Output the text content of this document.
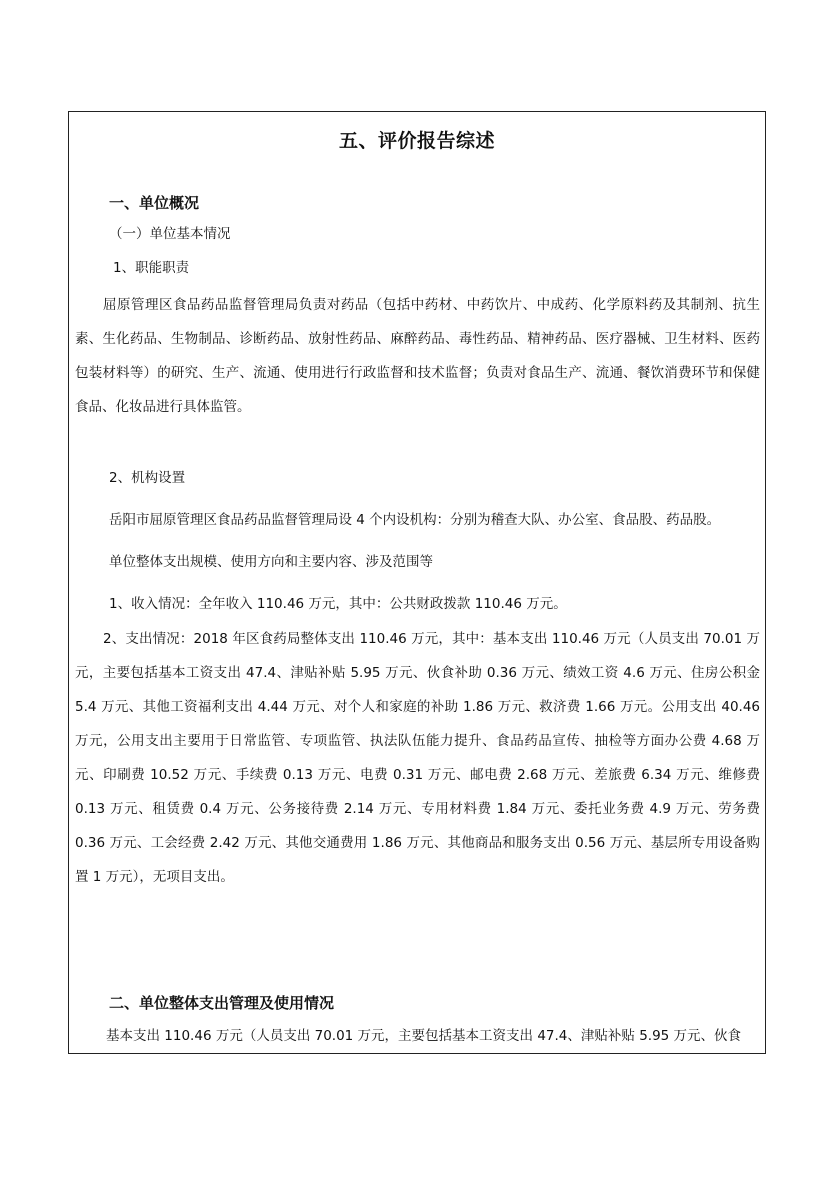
五、评价报告综述
一、单位概况
（一）单位基本情况
1、职能职责

屈原管理区食品药品监督管理局负责对药品（包括中药材、中药饮片、中成药、化学原料药及其制剂、抗生素、生化药品、生物制品、诊断药品、放射性药品、麻醉药品、毒性药品、精神药品、医疗器械、卫生材料、医药包装材料等）的研究、生产、流通、使用进行行政监督和技术监督；负责对食品生产、流通、餐饮消费环节和保健食品、化妆品进行具体监管。

2、机构设置
岳阳市屈原管理区食品药品监督管理局设 4 个内设机构：分别为稽查大队、办公室、食品股、药品股。
单位整体支出规模、使用方向和主要内容、涉及范围等
1、收入情况：全年收入 110.46 万元，其中：公共财政拨款 110.46 万元。

2、支出情况：2018 年区食药局整体支出 110.46 万元，其中：基本支出 110.46 万元（人员支出 70.01 万元，主要包括基本工资支出 47.4、津贴补贴 5.95 万元、伙食补助 0.36 万元、绩效工资 4.6 万元、住房公积金 5.4 万元、其他工资福利支出 4.44 万元、对个人和家庭的补助 1.86 万元、救济费 1.66 万元。公用支出 40.46 万元，公用支出主要用于日常监管、专项监管、执法队伍能力提升、食品药品宣传、抽检等方面办公费 4.68 万元、印刷费 10.52 万元、手续费 0.13 万元、电费 0.31 万元、邮电费 2.68 万元、差旅费 6.34 万元、维修费 0.13 万元、租赁费 0.4 万元、公务接待费 2.14 万元、专用材料费 1.84 万元、委托业务费 4.9 万元、劳务费 0.36 万元、工会经费 2.42 万元、其他交通费用 1.86 万元、其他商品和服务支出 0.56 万元、基层所专用设备购置 1 万元），无项目支出。

二、单位整体支出管理及使用情况
基本支出 110.46 万元（人员支出 70.01 万元，主要包括基本工资支出 47.4、津贴补贴 5.95 万元、伙食
